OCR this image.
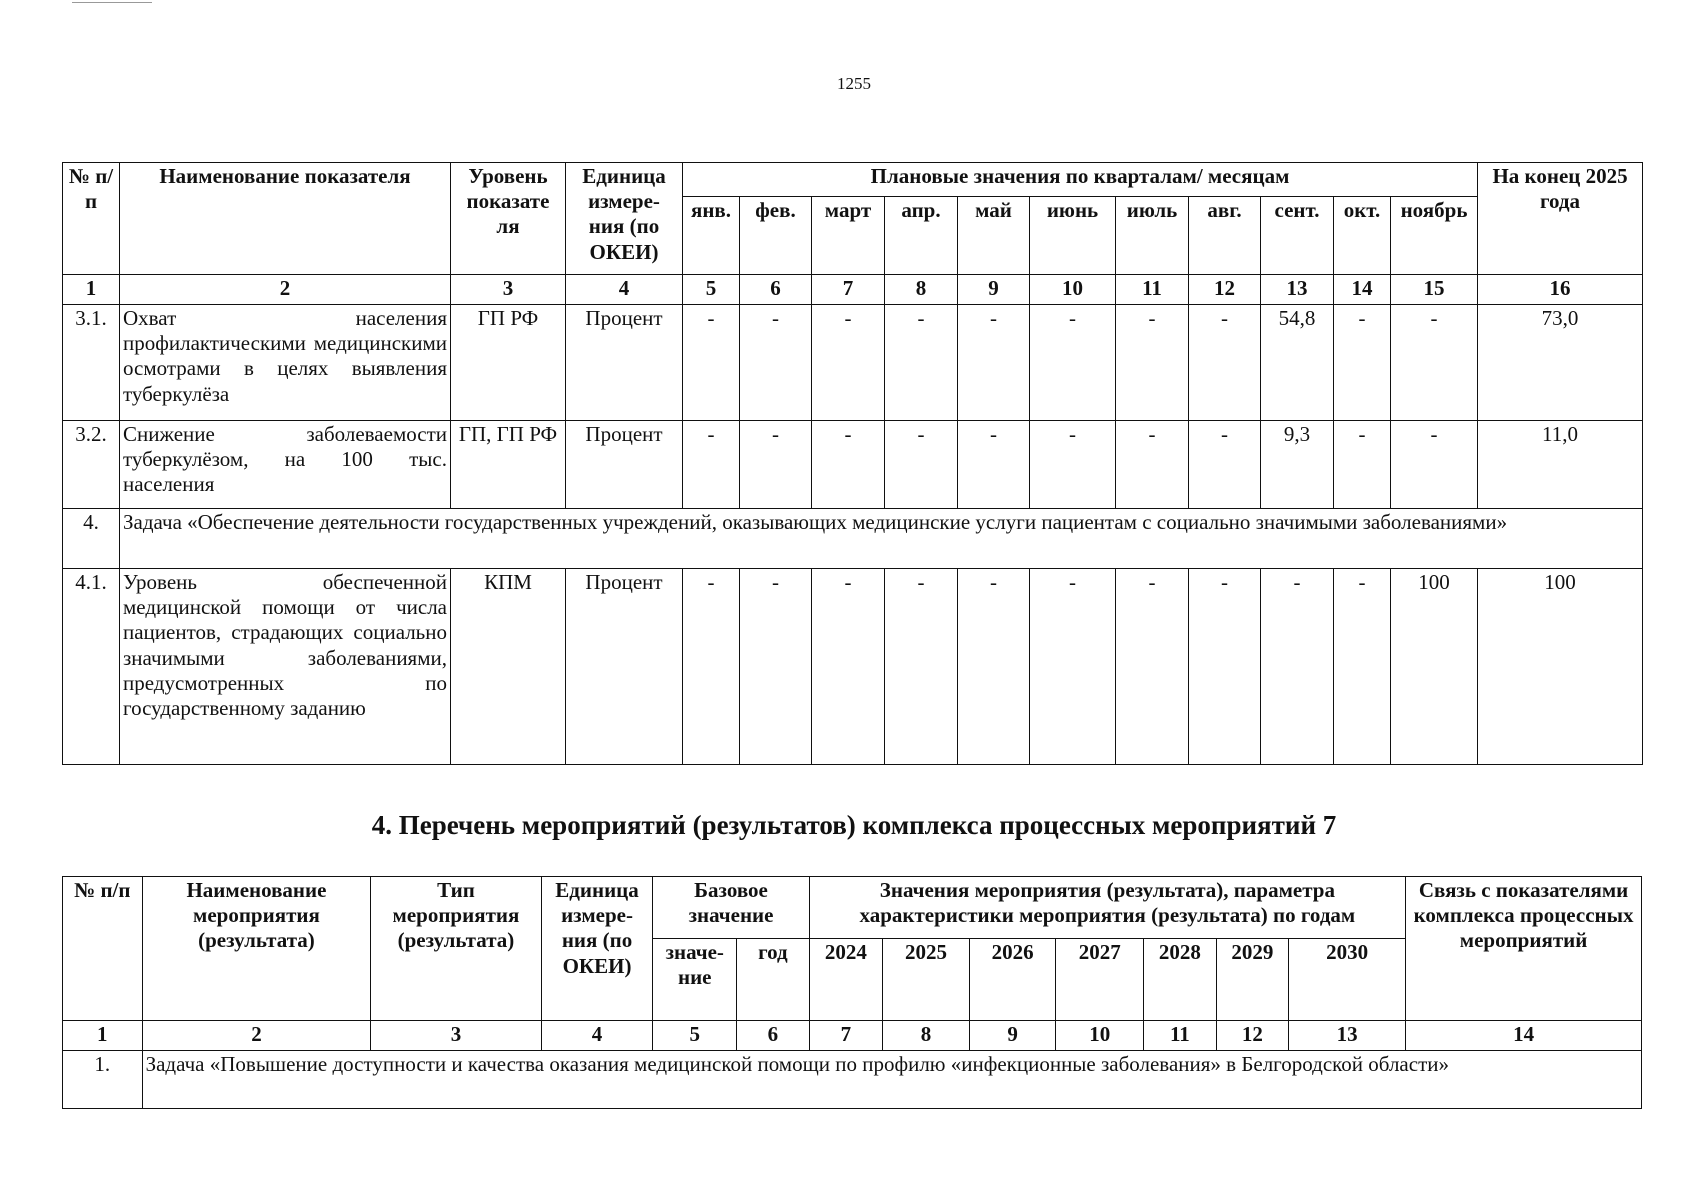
1255
№ п/п	Наименование показателя	Уровень показате ля	Единица измере- ния (по ОКЕИ)	Плановые значения по кварталам/ месяцам											На конец 2025 года
				янв.	фев.	март	апр.	май	июнь	июль	авг.	сент.	окт.	ноябрь	
1	2	3	4	5	6	7	8	9	10	11	12	13	14	15	16
3.1.	Охват населения профилактическими медицинскими осмотрами в целях выявления туберкулёза	ГП РФ	Процент	-	-	-	-	-	-	-	-	54,8	-	-	73,0
3.2.	Снижение заболеваемости туберкулёзом, на 100 тыс. населения	ГП, ГП РФ	Процент	-	-	-	-	-	-	-	-	9,3	-	-	11,0
4.	Задача «Обеспечение деятельности государственных учреждений, оказывающих медицинские услуги пациентам с социально значимыми заболеваниями»														
4.1.	Уровень обеспеченной медицинской помощи от числа пациентов, страдающих социально значимыми заболеваниями, предусмотренных по государственному заданию	КПМ	Процент	-	-	-	-	-	-	-	-	-	-	100	100
4. Перечень мероприятий (результатов) комплекса процессных мероприятий 7
№ п/п	Наименование мероприятия (результата)	Тип мероприятия (результата)	Единица измере- ния (по ОКЕИ)	Базовое значение		Значения мероприятия (результата), параметра характеристики мероприятия (результата) по годам							Связь с показателями комплекса процессных мероприятий
				значе- ние	год	2024	2025	2026	2027	2028	2029	2030	
1	2	3	4	5	6	7	8	9	10	11	12	13	14
1.	Задача «Повышение доступности и качества оказания медицинской помощи по профилю «инфекционные заболевания» в Белгородской области»												
